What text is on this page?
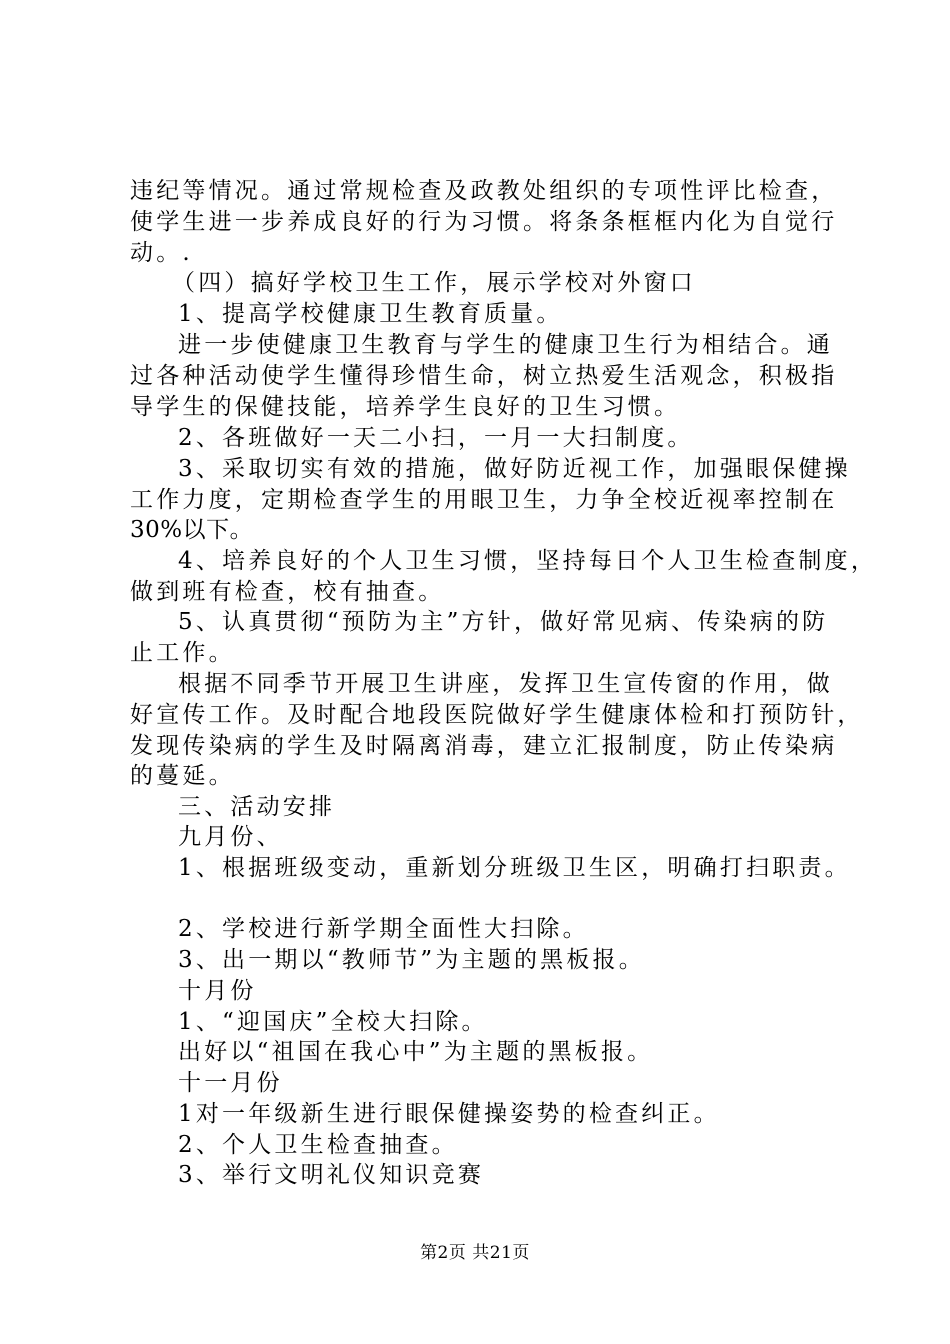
违纪等情况。通过常规检查及政教处组织的专项性评比检查，
使学生进一步养成良好的行为习惯。将条条框框内化为自觉行
动。.
（四）搞好学校卫生工作，展示学校对外窗口
1、提高学校健康卫生教育质量。
进一步使健康卫生教育与学生的健康卫生行为相结合。通
过各种活动使学生懂得珍惜生命，树立热爱生活观念，积极指
导学生的保健技能，培养学生良好的卫生习惯。
2、各班做好一天二小扫，一月一大扫制度。
3、采取切实有效的措施，做好防近视工作，加强眼保健操
工作力度，定期检查学生的用眼卫生，力争全校近视率控制在
30%以下。
4、培养良好的个人卫生习惯，坚持每日个人卫生检查制度，
做到班有检查，校有抽查。
5、认真贯彻“预防为主”方针，做好常见病、传染病的防
止工作。
根据不同季节开展卫生讲座，发挥卫生宣传窗的作用，做
好宣传工作。及时配合地段医院做好学生健康体检和打预防针，
发现传染病的学生及时隔离消毒，建立汇报制度，防止传染病
的蔓延。
三、活动安排
九月份、
1、根据班级变动，重新划分班级卫生区，明确打扫职责。
2、学校进行新学期全面性大扫除。
3、出一期以“教师节”为主题的黑板报。
十月份
1、“迎国庆”全校大扫除。
出好以“祖国在我心中”为主题的黑板报。
十一月份
1对一年级新生进行眼保健操姿势的检查纠正。
2、个人卫生检查抽查。
3、举行文明礼仪知识竞赛
第2页 共21页
